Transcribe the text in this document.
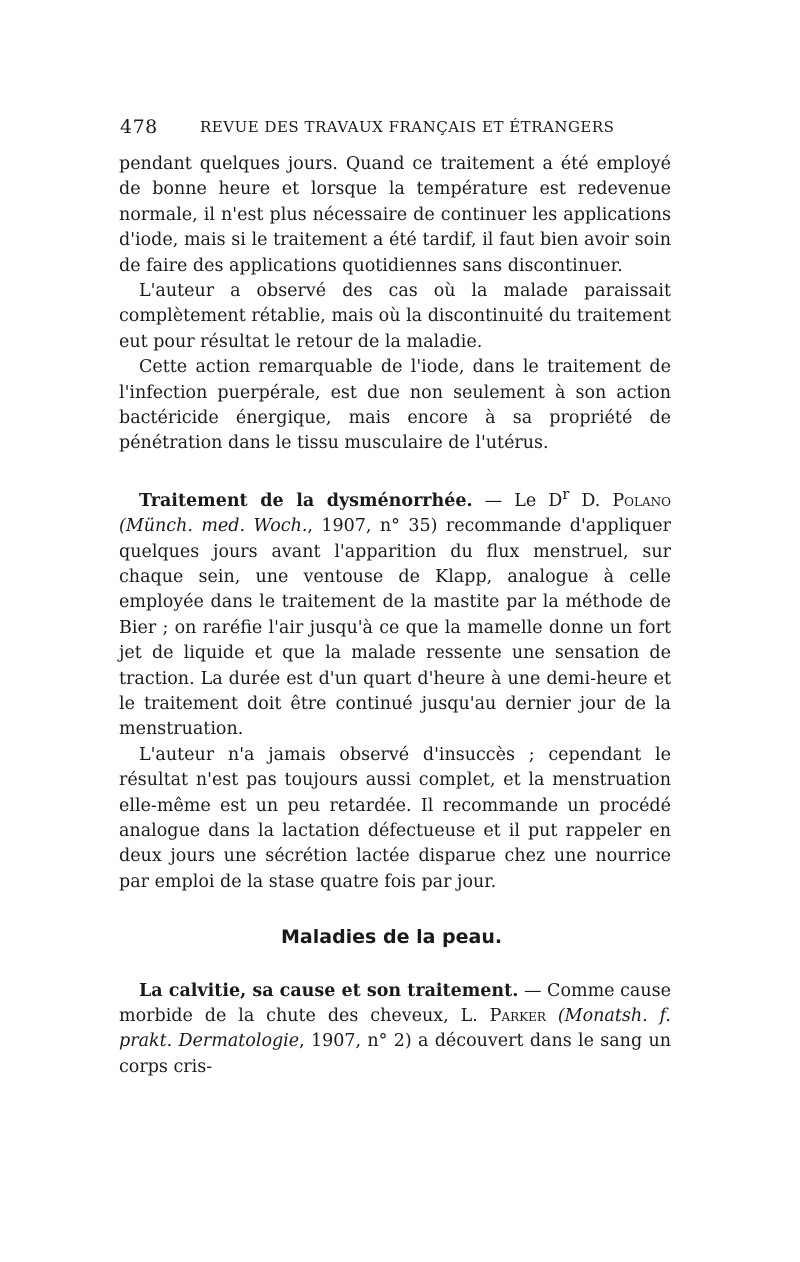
478	REVUE DES TRAVAUX FRANÇAIS ET ÉTRANGERS

pendant quelques jours. Quand ce traitement a été employé de bonne heure et lorsque la température est redevenue normale, il n'est plus nécessaire de continuer les applications d'iode, mais si le traitement a été tardif, il faut bien avoir soin de faire des applications quotidiennes sans discontinuer.

L'auteur a observé des cas où la malade paraissait complètement rétablie, mais où la discontinuité du traitement eut pour résultat le retour de la maladie.

Cette action remarquable de l'iode, dans le traitement de l'infection puerpérale, est due non seulement à son action bactéricide énergique, mais encore à sa propriété de pénétration dans le tissu musculaire de l'utérus.

Traitement de la dysménorrhée. — Le $D^r$ D. Polano (Münch. med. Woch., 1907, n° 35) recommande d'appliquer quelques jours avant l'apparition du flux menstruel, sur chaque sein, une ventouse de Klapp, analogue à celle employée dans le traitement de la mastite par la méthode de Bier ; on raréfie l'air jusqu'à ce que la mamelle donne un fort jet de liquide et que la malade ressente une sensation de traction. La durée est d'un quart d'heure à une demi-heure et le traitement doit être continué jusqu'au dernier jour de la menstruation.

L'auteur n'a jamais observé d'insuccès ; cependant le résultat n'est pas toujours aussi complet, et la menstruation elle-même est un peu retardée. Il recommande un procédé analogue dans la lactation défectueuse et il put rappeler en deux jours une sécrétion lactée disparue chez une nourrice par emploi de la stase quatre fois par jour.

Maladies de la peau.

La calvitie, sa cause et son traitement. — Comme cause morbide de la chute des cheveux, L. Parker (Monatsh. f. prakt. Dermatologie, 1907, n° 2) a découvert dans le sang un corps cris-
